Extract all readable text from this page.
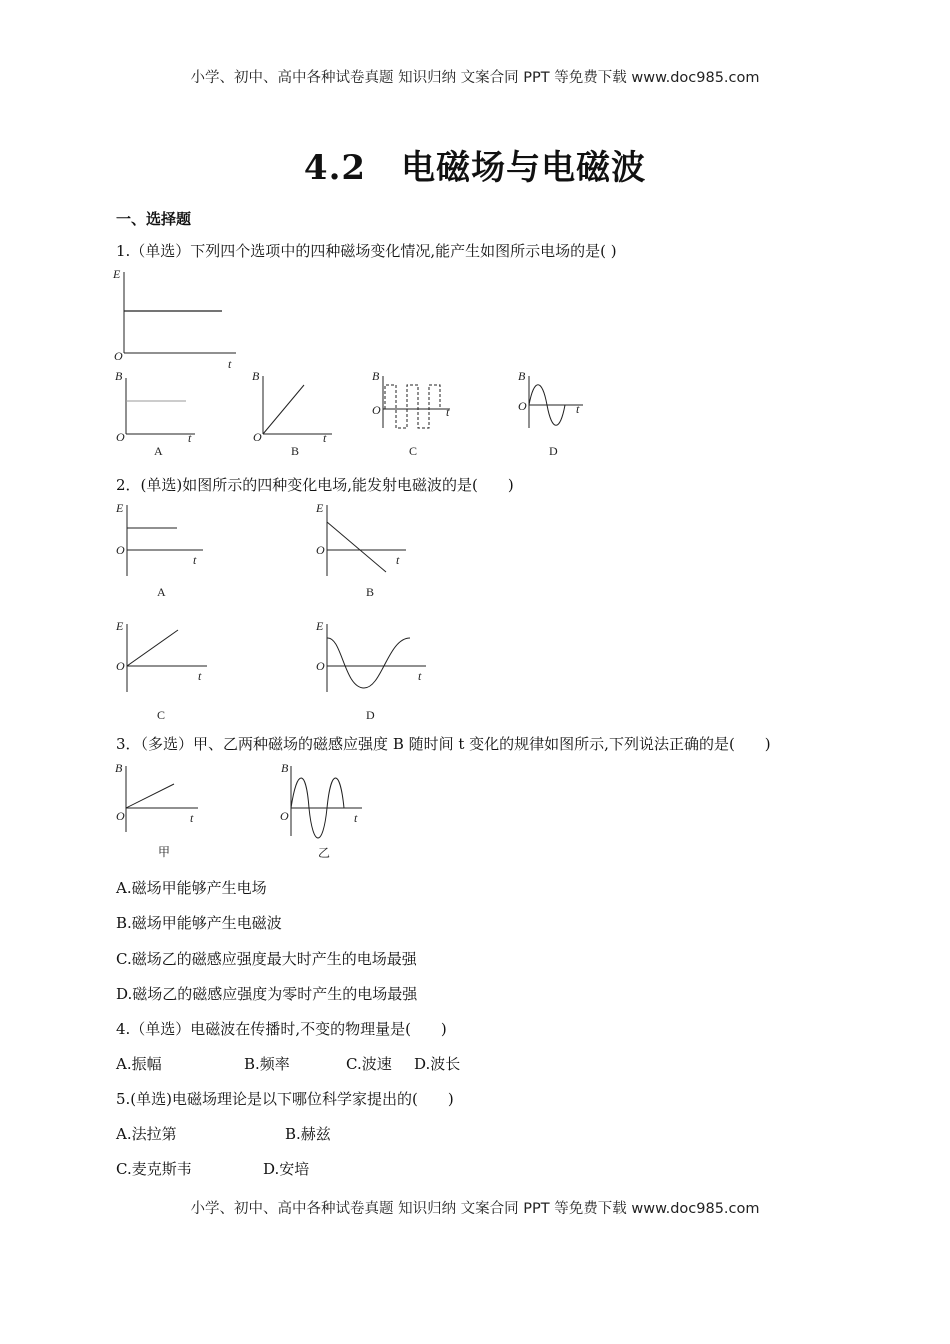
小学、初中、高中各种试卷真题 知识归纳 文案合同 PPT 等免费下载 www.doc985.com
4.2　电磁场与电磁波
一、选择题
1.（单选）下列四个选项中的四种磁场变化情况,能产生如图所示电场的是( )
E
O
t
B
O	t
A
B
O	t
B
B
O	t
C
B
O	t
D
2．(单选)如图所示的四种变化电场,能发射电磁波的是(　　)
E
O
t
A
E
O
t
B
E
O
t
C
E
O
t
D
3．（多选）甲、乙两种磁场的磁感应强度 B 随时间 t 变化的规律如图所示,下列说法正确的是(　　)
B
O	t
甲
B
O	t
乙
A.磁场甲能够产生电场
B.磁场甲能够产生电磁波
C.磁场乙的磁感应强度最大时产生的电场最强
D.磁场乙的磁感应强度为零时产生的电场最强
4.（单选）电磁波在传播时,不变的物理量是(　　)
A.振幅	B.频率	C.波速 D.波长
5.(单选)电磁场理论是以下哪位科学家提出的(　　)
A.法拉第	B.赫兹
C.麦克斯韦	D.安培
小学、初中、高中各种试卷真题 知识归纳 文案合同 PPT 等免费下载 www.doc985.com
